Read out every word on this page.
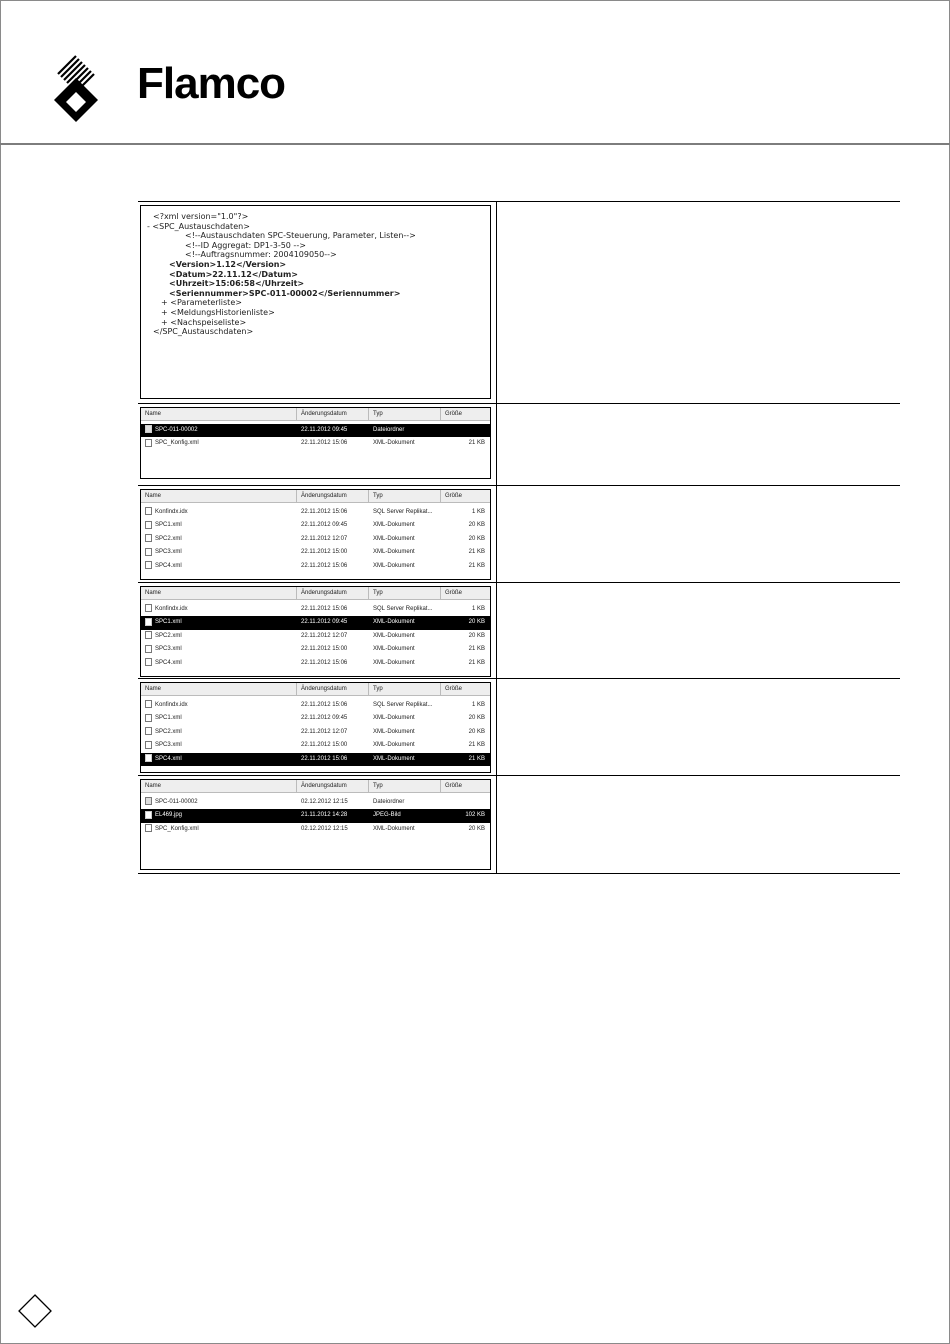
Flamco
<?xml version="1.0"?>
- <SPC_Austauschdaten>
<!--Austauschdaten SPC-Steuerung, Parameter, Listen-->
<!--ID Aggregat: DP1-3-50 -->
<!--Auftragsnummer: 2004109050-->
<Version>1.12</Version>
<Datum>22.11.12</Datum>
<Uhrzeit>15:06:58</Uhrzeit>
<Seriennummer>SPC-011-00002</Seriennummer>
+ <Parameterliste>
+ <MeldungsHistorienliste>
+ <Nachspeiseliste>
</SPC_Austauschdaten>
Name	Änderungsdatum	Typ	Größe
SPC-011-00002	22.11.2012 09:45	Dateiordner
SPC_Konfig.xml	22.11.2012 15:06	XML-Dokument	21 KB
Name	Änderungsdatum	Typ	Größe
Konfindx.idx	22.11.2012 15:06	SQL Server Replikat...	1 KB
SPC1.xml	22.11.2012 09:45	XML-Dokument	20 KB
SPC2.xml	22.11.2012 12:07	XML-Dokument	20 KB
SPC3.xml	22.11.2012 15:00	XML-Dokument	21 KB
SPC4.xml	22.11.2012 15:06	XML-Dokument	21 KB
Name	Änderungsdatum	Typ	Größe
Konfindx.idx	22.11.2012 15:06	SQL Server Replikat...	1 KB
SPC1.xml	22.11.2012 09:45	XML-Dokument	20 KB
SPC2.xml	22.11.2012 12:07	XML-Dokument	20 KB
SPC3.xml	22.11.2012 15:00	XML-Dokument	21 KB
SPC4.xml	22.11.2012 15:06	XML-Dokument	21 KB
Name	Änderungsdatum	Typ	Größe
Konfindx.idx	22.11.2012 15:06	SQL Server Replikat...	1 KB
SPC1.xml	22.11.2012 09:45	XML-Dokument	20 KB
SPC2.xml	22.11.2012 12:07	XML-Dokument	20 KB
SPC3.xml	22.11.2012 15:00	XML-Dokument	21 KB
SPC4.xml	22.11.2012 15:06	XML-Dokument	21 KB
Name	Änderungsdatum	Typ	Größe
SPC-011-00002	02.12.2012 12:15	Dateiordner
EL469.jpg	21.11.2012 14:28	JPEG-Bild	102 KB
SPC_Konfig.xml	02.12.2012 12:15	XML-Dokument	20 KB
